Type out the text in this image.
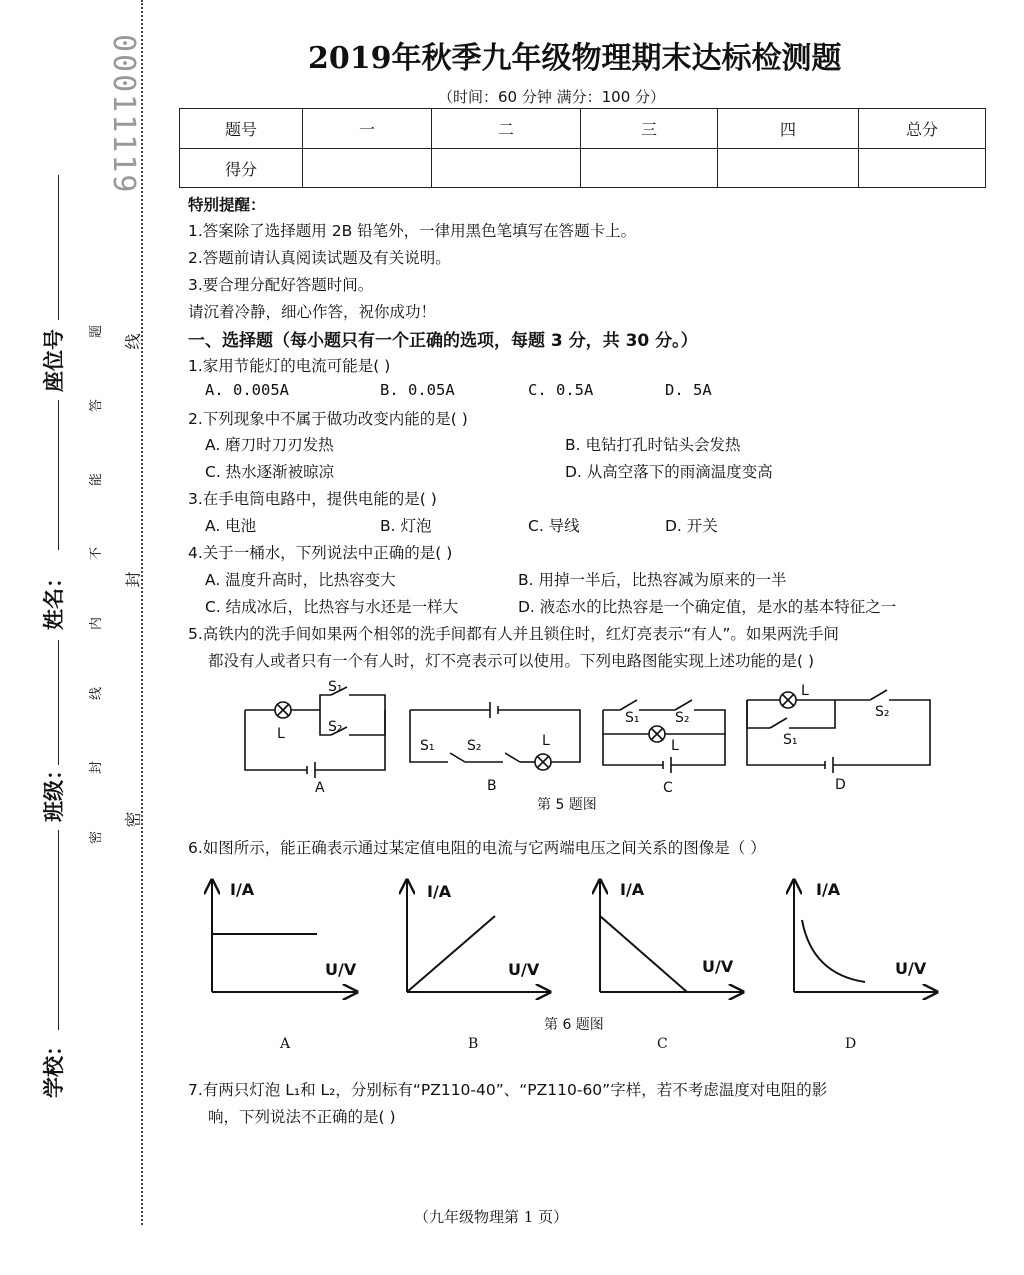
00011119
座位号
姓名：
班级：
学校：
题
答
能
不
内
线
封
密
线
封
密
2019年秋季九年级物理期末达标检测题
（时间：60 分钟 满分：100 分）
题号	一	二	三	四	总分
得分					
特别提醒：
1.答案除了选择题用 2B 铅笔外，一律用黑色笔填写在答题卡上。
2.答题前请认真阅读试题及有关说明。
3.要合理分配好答题时间。
请沉着冷静，细心作答，祝你成功！
一、选择题（每小题只有一个正确的选项，每题 3 分，共 30 分。）
1.家用节能灯的电流可能是( )
A. 0.005A	B. 0.05A	C. 0.5A	D. 5A
2.下列现象中不属于做功改变内能的是( )
A. 磨刀时刀刃发热	B. 电钻打孔时钻头会发热
C. 热水逐渐被晾凉	D. 从高空落下的雨滴温度变高
3.在手电筒电路中，提供电能的是( )
A. 电池	B. 灯泡	C. 导线	D. 开关
4.关于一桶水，下列说法中正确的是( )
A. 温度升高时，比热容变大	B. 用掉一半后，比热容减为原来的一半
C. 结成冰后，比热容与水还是一样大	D. 液态水的比热容是一个确定值，是水的基本特征之一
5.高铁内的洗手间如果两个相邻的洗手间都有人并且锁住时，红灯亮表示“有人”。如果两洗手间
都没有人或者只有一个有人时，灯不亮表示可以使用。下列电路图能实现上述功能的是( )
L
S₁
S₂
A
S₁ S₂	L
B
S₁	S₂
L
C
L
S₂
S₁
D
第 5 题图
6.如图所示，能正确表示通过某定值电阻的电流与它两端电压之间关系的图像是（ ）
I/A
U/V
I/A
U/V
I/A
U/V
I/A
U/V
第 6 题图
A	B	C	D
7.有两只灯泡 L₁和 L₂，分别标有“PZ110-40”、“PZ110-60”字样，若不考虑温度对电阻的影
响，下列说法不正确的是( )
（九年级物理第 1 页）
